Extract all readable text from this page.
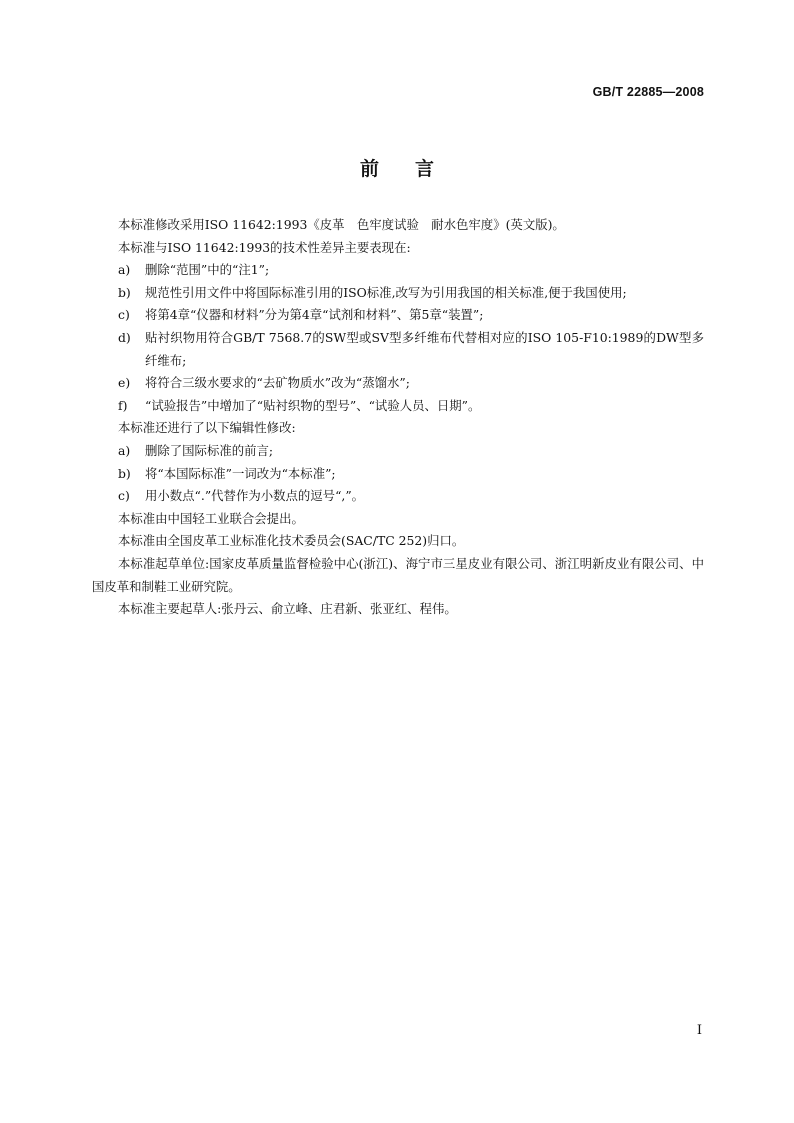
GB/T 22885—2008
前言

本标准修改采用ISO 11642:1993《皮革　色牢度试验　耐水色牢度》(英文版)。

本标准与ISO 11642:1993的技术性差异主要表现在:

a)	删除“范围”中的“注1”;
b)	规范性引用文件中将国际标准引用的ISO标准,改写为引用我国的相关标准,便于我国使用;
c)	将第4章“仪器和材料”分为第4章“试剂和材料”、第5章“装置”;
d)	贴衬织物用符合GB/T 7568.7的SW型或SV型多纤维布代替相对应的ISO 105-F10:1989的DW型多纤维布;
e)	将符合三级水要求的“去矿物质水”改为“蒸馏水”;
f)	“试验报告”中增加了“贴衬织物的型号”、“试验人员、日期”。

本标准还进行了以下编辑性修改:

a)	删除了国际标准的前言;
b)	将“本国际标准”一词改为“本标准”;
c)	用小数点“.”代替作为小数点的逗号“,”。

本标准由中国轻工业联合会提出。

本标准由全国皮革工业标准化技术委员会(SAC/TC 252)归口。

本标准起草单位:国家皮革质量监督检验中心(浙江)、海宁市三星皮业有限公司、浙江明新皮业有限公司、中国皮革和制鞋工业研究院。

本标准主要起草人:张丹云、俞立峰、庄君新、张亚红、程伟。

I
